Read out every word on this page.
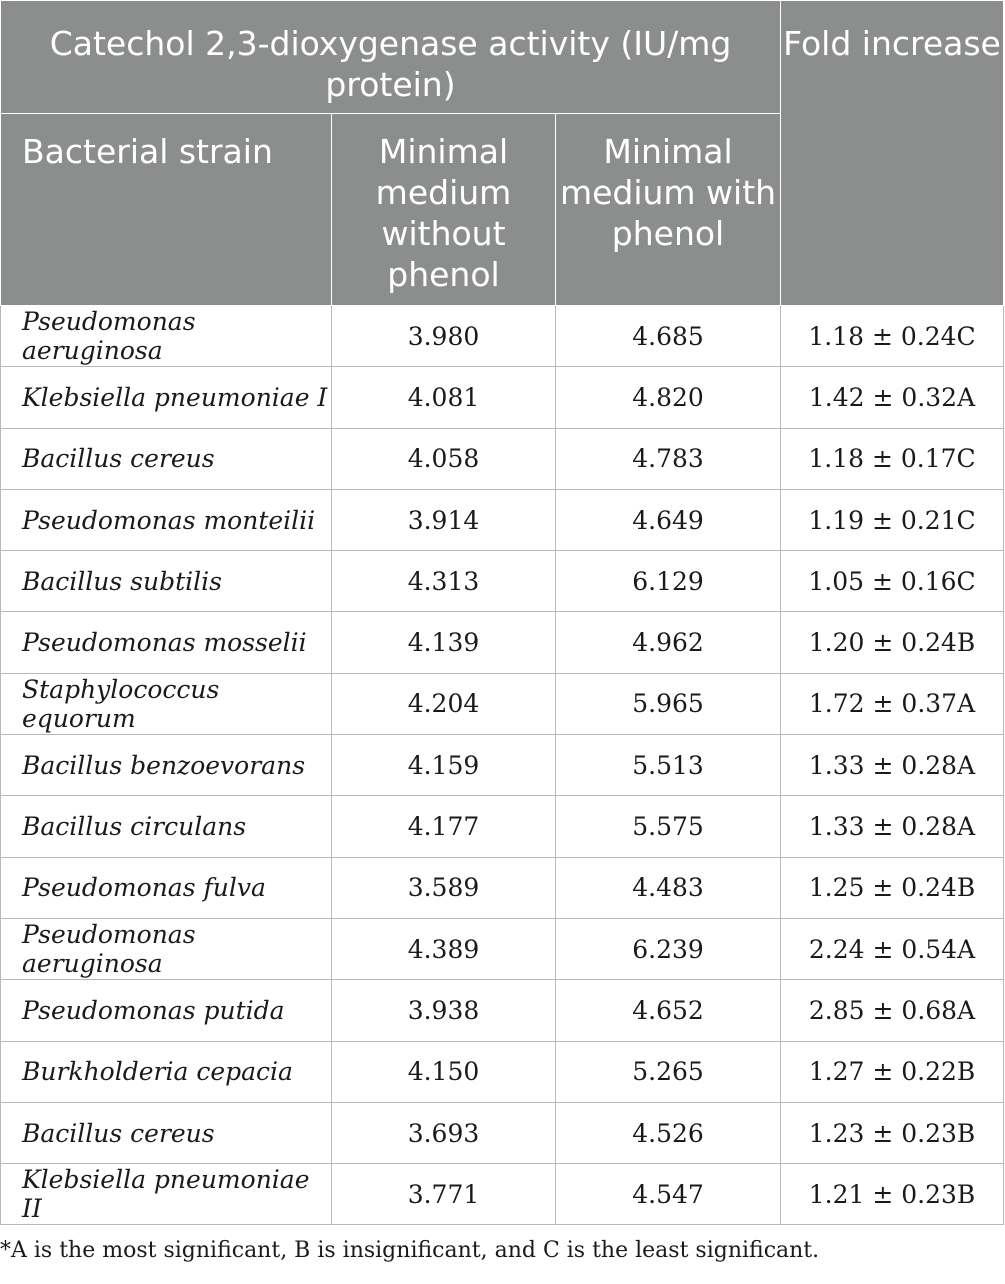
Catechol 2,3-dioxygenase activity (IU/mg protein)			Fold increase
Bacterial strain	Minimal medium without phenol	Minimal medium with phenol	
Pseudomonas aeruginosa	3.980	4.685	1.18 ± 0.24C
Klebsiella pneumoniae I	4.081	4.820	1.42 ± 0.32A
Bacillus cereus	4.058	4.783	1.18 ± 0.17C
Pseudomonas monteilii	3.914	4.649	1.19 ± 0.21C
Bacillus subtilis	4.313	6.129	1.05 ± 0.16C
Pseudomonas mosselii	4.139	4.962	1.20 ± 0.24B
Staphylococcus equorum	4.204	5.965	1.72 ± 0.37A
Bacillus benzoevorans	4.159	5.513	1.33 ± 0.28A
Bacillus circulans	4.177	5.575	1.33 ± 0.28A
Pseudomonas fulva	3.589	4.483	1.25 ± 0.24B
Pseudomonas aeruginosa	4.389	6.239	2.24 ± 0.54A
Pseudomonas putida	3.938	4.652	2.85 ± 0.68A
Burkholderia cepacia	4.150	5.265	1.27 ± 0.22B
Bacillus cereus	3.693	4.526	1.23 ± 0.23B
Klebsiella pneumoniae II	3.771	4.547	1.21 ± 0.23B
*A is the most significant, B is insignificant, and C is the least significant.
